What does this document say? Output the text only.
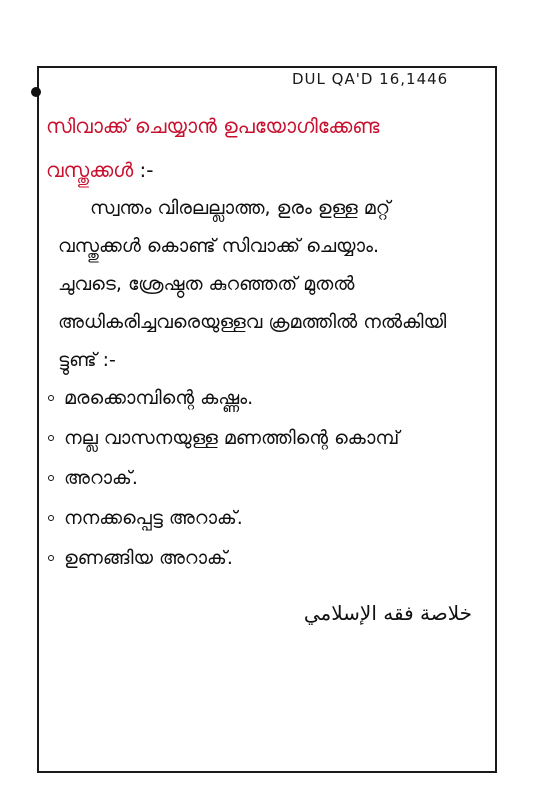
DUL QA'D 16,1446
സിവാക്ക് ചെയ്യാൻ ഉപയോഗിക്കേണ്ട
വസ്തുക്കൾ :-
സ്വന്തം വിരലല്ലാത്ത, ഉരം ഉള്ള മറ്റ്
വസ്തുക്കൾ കൊണ്ട് സിവാക്ക് ചെയ്യാം.
ചുവടെ, ശ്രേഷ്ഠത കുറഞ്ഞത് മുതൽ
അധികരിച്ചവരെയുള്ളവ ക്രമത്തിൽ നൽകിയി
ട്ടുണ്ട് :-
മരക്കൊമ്പിന്റെ കഷ്ണം.
നല്ല വാസനയുള്ള മണത്തിന്റെ കൊമ്പ്
അറാക്.
നനക്കപ്പെട്ട അറാക്.
ഉണങ്ങിയ അറാക്.
خلاصة فقه الإسلامي
